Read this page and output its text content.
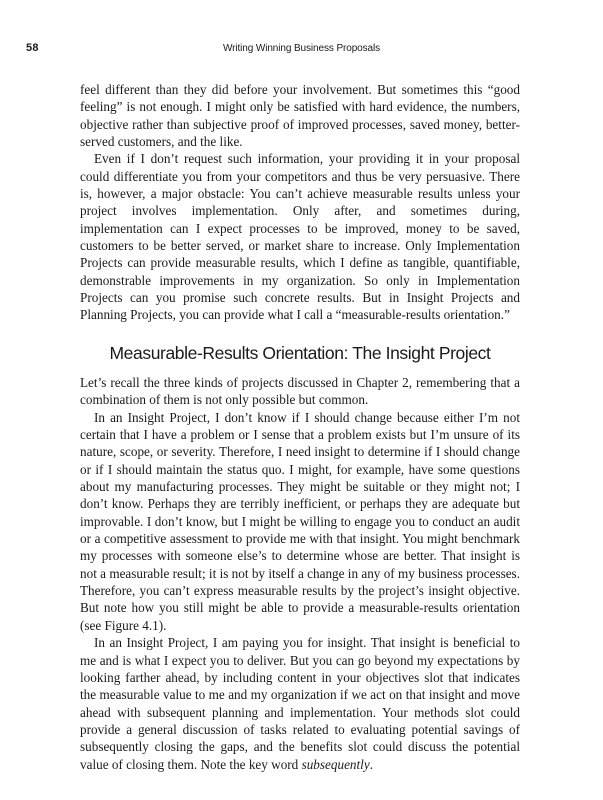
58	Writing Winning Business Proposals

feel different than they did before your involvement. But sometimes this “good feeling” is not enough. I might only be satisfied with hard evidence, the numbers, objective rather than subjective proof of improved processes, saved money, better-served customers, and the like.

Even if I don’t request such information, your providing it in your proposal could differentiate you from your competitors and thus be very persuasive. There is, however, a major obstacle: You can’t achieve measurable results unless your project involves implementation. Only after, and sometimes during, implementation can I expect processes to be improved, money to be saved, customers to be better served, or market share to increase. Only Implementation Projects can provide measurable results, which I define as tangible, quantifiable, demonstrable improvements in my organization. So only in Implementation Projects can you promise such concrete results. But in Insight Projects and Planning Projects, you can provide what I call a “measurable-results orientation.”

Measurable-Results Orientation: The Insight Project

Let’s recall the three kinds of projects discussed in Chapter 2, remembering that a combination of them is not only possible but common.

In an Insight Project, I don’t know if I should change because either I’m not certain that I have a problem or I sense that a problem exists but I’m unsure of its nature, scope, or severity. Therefore, I need insight to determine if I should change or if I should maintain the status quo. I might, for example, have some questions about my manufacturing processes. They might be suitable or they might not; I don’t know. Perhaps they are terribly inefficient, or perhaps they are adequate but improvable. I don’t know, but I might be willing to engage you to conduct an audit or a competitive assessment to provide me with that insight. You might benchmark my processes with someone else’s to determine whose are better. That insight is not a measurable result; it is not by itself a change in any of my business processes. Therefore, you can’t express measurable results by the project’s insight objective. But note how you still might be able to provide a measurable-results orientation (see Figure 4.1).

In an Insight Project, I am paying you for insight. That insight is beneficial to me and is what I expect you to deliver. But you can go beyond my expectations by looking farther ahead, by including content in your objectives slot that indicates the measurable value to me and my organization if we act on that insight and move ahead with subsequent planning and implementation. Your methods slot could provide a general discussion of tasks related to evaluating potential savings of subsequently closing the gaps, and the benefits slot could discuss the potential value of closing them. Note the key word subsequently.
